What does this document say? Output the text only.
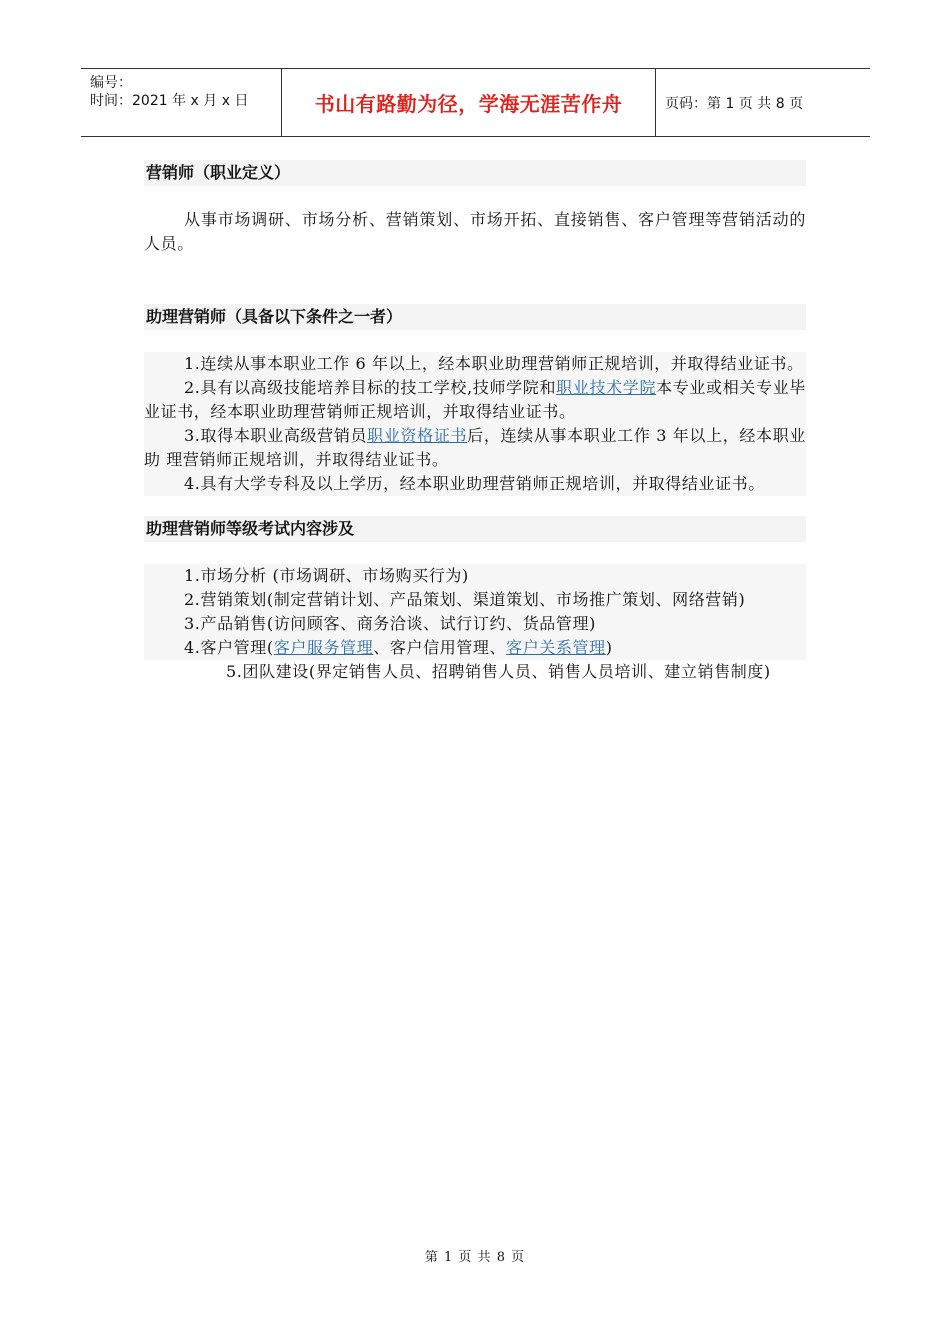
编号：
时间：2021 年 x 月 x 日	书山有路勤为径，学海无涯苦作舟	页码：第 1 页 共 8 页
营销师（职业定义）

从事市场调研、市场分析、营销策划、市场开拓、直接销售、客户管理等营销活动的人员。

助理营销师（具备以下条件之一者）

1.连续从事本职业工作 6 年以上，经本职业助理营销师正规培训，并取得结业证书。

2.具有以高级技能培养目标的技工学校,技师学院和职业技术学院本专业或相关专业毕 业证书，经本职业助理营销师正规培训，并取得结业证书。

3.取得本职业高级营销员职业资格证书后，连续从事本职业工作 3 年以上，经本职业助 理营销师正规培训，并取得结业证书。

4.具有大学专科及以上学历，经本职业助理营销师正规培训，并取得结业证书。

助理营销师等级考试内容涉及

1.市场分析 (市场调研、市场购买行为)

2.营销策划(制定营销计划、产品策划、渠道策划、市场推广策划、网络营销)

3.产品销售(访问顾客、商务洽谈、试行订约、货品管理)

4.客户管理(客户服务管理、客户信用管理、客户关系管理)

5.团队建设(界定销售人员、招聘销售人员、销售人员培训、建立销售制度)

第 1 页 共 8 页
